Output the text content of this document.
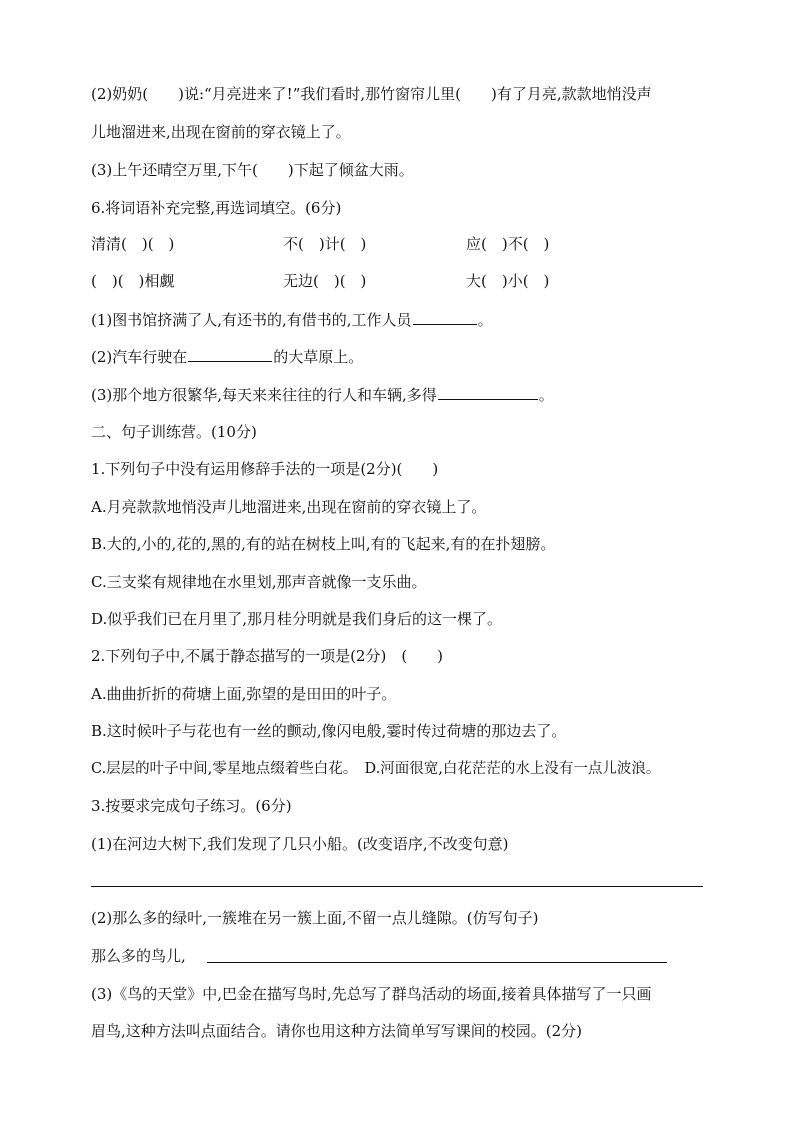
(2)奶奶(　　)说:“月亮进来了!”我们看时,那竹窗帘儿里(　　)有了月亮,款款地悄没声
儿地溜进来,出现在窗前的穿衣镜上了。
(3)上午还晴空万里,下午(　　)下起了倾盆大雨。
6.将词语补充完整,再选词填空。(6分)
清清(　)(　)	不(　)计(　)	应(　)不(　)
(　)(　)相觑	无边(　)(　)	大(　)小(　)
(1)图书馆挤满了人,有还书的,有借书的,工作人员	。
(2)汽车行驶在	的大草原上。
(3)那个地方很繁华,每天来来往往的行人和车辆,多得	。
二、句子训练营。(10分)
1.下列句子中没有运用修辞手法的一项是(2分)(　　)
A.月亮款款地悄没声儿地溜进来,出现在窗前的穿衣镜上了。
B.大的,小的,花的,黑的,有的站在树枝上叫,有的飞起来,有的在扑翅膀。
C.三支桨有规律地在水里划,那声音就像一支乐曲。
D.似乎我们已在月里了,那月桂分明就是我们身后的这一棵了。
2.下列句子中,不属于静态描写的一项是(2分)　(　　)
A.曲曲折折的荷塘上面,弥望的是田田的叶子。
B.这时候叶子与花也有一丝的颤动,像闪电般,霎时传过荷塘的那边去了。
C.层层的叶子中间,零星地点缀着些白花。　D.河面很宽,白花茫茫的水上没有一点儿波浪。
3.按要求完成句子练习。(6分)
(1)在河边大树下,我们发现了几只小船。(改变语序,不改变句意)
(2)那么多的绿叶,一簇堆在另一簇上面,不留一点儿缝隙。(仿写句子)
那么多的鸟儿,
(3)《鸟的天堂》中,巴金在描写鸟时,先总写了群鸟活动的场面,接着具体描写了一只画
眉鸟,这种方法叫点面结合。请你也用这种方法简单写写课间的校园。(2分)
